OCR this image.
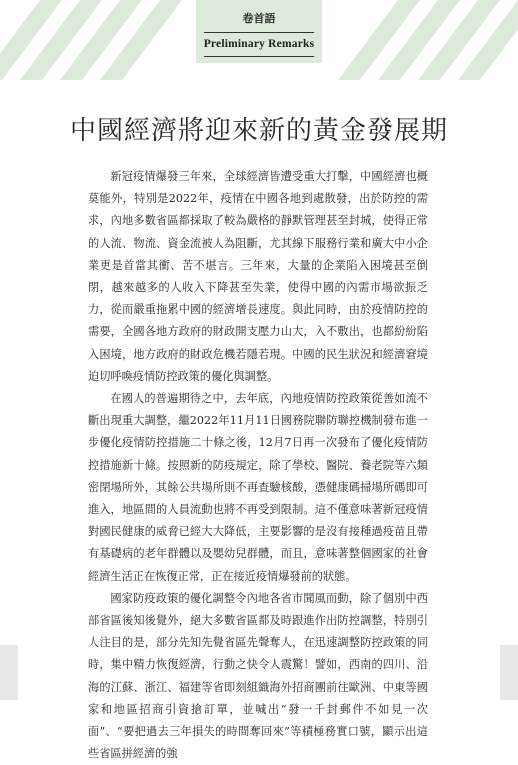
卷首語
Preliminary Remarks
中國經濟將迎來新的黃金發展期

新冠疫情爆發三年來，全球經濟皆遭受重大打擊，中國經濟也概莫能外，特別是2022年，疫情在中國各地到處散發，出於防控的需求，內地多數省區都採取了較為嚴格的靜默管理甚至封城，使得正常的人流、物流、資金流被人為阻斷，尤其線下服務行業和廣大中小企業更是首當其衝、苦不堪言。三年來，大量的企業陷入困境甚至倒閉，越來越多的人收入下降甚至失業，使得中國的內需市場欲振乏力，從而嚴重拖累中國的經濟增長速度。與此同時，由於疫情防控的需要，全國各地方政府的財政開支壓力山大，入不敷出，也都紛紛陷入困境，地方政府的財政危機若隱若現。中國的民生狀況和經濟窘境迫切呼喚疫情防控政策的優化與調整。

在國人的普遍期待之中，去年底，內地疫情防控政策從善如流不斷出現重大調整，繼2022年11月11日國務院聯防聯控機制發布進一步優化疫情防控措施二十條之後，12月7日再一次發布了優化疫情防控措施新十條。按照新的防疫規定，除了學校、醫院、養老院等六類密閉場所外，其餘公共場所則不再查驗核酸，憑健康碼掃場所碼即可進入，地區間的人員流動也將不再受到限制。這不僅意味著新冠疫情對國民健康的威脅已經大大降低，主要影響的是沒有接種過疫苗且帶有基礎病的老年群體以及嬰幼兒群體，而且，意味著整個國家的社會經濟生活正在恢復正常，正在接近疫情爆發前的狀態。

國家防疫政策的優化調整令內地各省市聞風而動，除了個別中西部省區後知後覺外，絕大多數省區都及時跟進作出防控調整，特別引人注目的是，部分先知先覺省區先聲奪人，在迅速調整防控政策的同時，集中精力恢復經濟，行動之快令人震驚！譬如，西南的四川、沿海的江蘇、浙江、福建等省即刻組織海外招商團前往歐洲、中東等國家和地區招商引資搶訂單，並喊出“發一千封郵件不如見一次面”、“要把過去三年損失的時間奪回來”等積極務實口號，顯示出這些省區拼經濟的強
